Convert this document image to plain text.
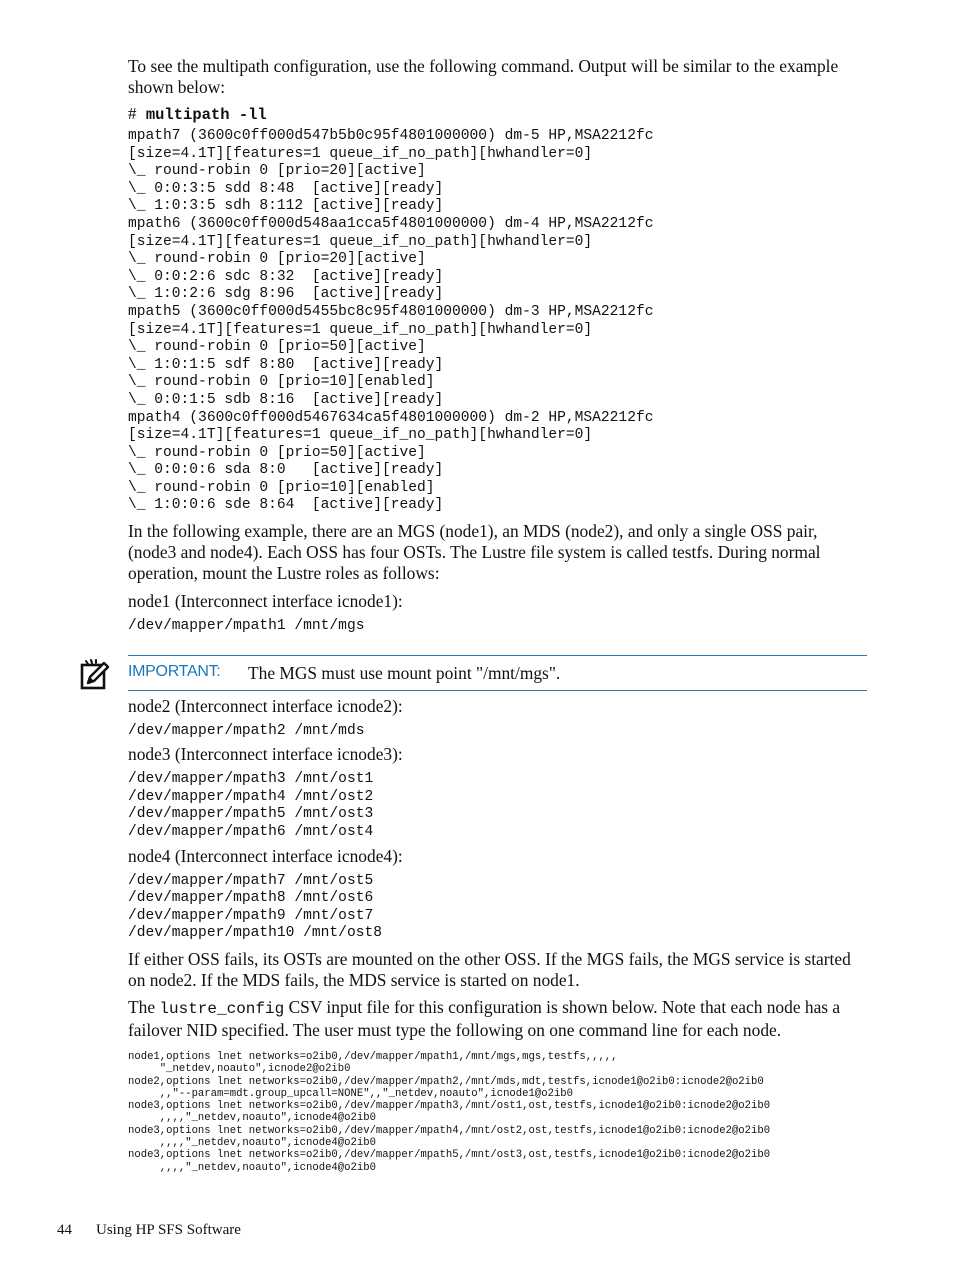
To see the multipath configuration, use the following command. Output will be similar to the example shown below:

# multipath -ll

mpath7 (3600c0ff000d547b5b0c95f4801000000) dm-5 HP,MSA2212fc
[size=4.1T][features=1 queue_if_no_path][hwhandler=0]
\_ round-robin 0 [prio=20][active]
\_ 0:0:3:5 sdd 8:48  [active][ready]
\_ 1:0:3:5 sdh 8:112 [active][ready]
mpath6 (3600c0ff000d548aa1cca5f4801000000) dm-4 HP,MSA2212fc
[size=4.1T][features=1 queue_if_no_path][hwhandler=0]
\_ round-robin 0 [prio=20][active]
\_ 0:0:2:6 sdc 8:32  [active][ready]
\_ 1:0:2:6 sdg 8:96  [active][ready]
mpath5 (3600c0ff000d5455bc8c95f4801000000) dm-3 HP,MSA2212fc
[size=4.1T][features=1 queue_if_no_path][hwhandler=0]
\_ round-robin 0 [prio=50][active]
\_ 1:0:1:5 sdf 8:80  [active][ready]
\_ round-robin 0 [prio=10][enabled]
\_ 0:0:1:5 sdb 8:16  [active][ready]
mpath4 (3600c0ff000d5467634ca5f4801000000) dm-2 HP,MSA2212fc
[size=4.1T][features=1 queue_if_no_path][hwhandler=0]
\_ round-robin 0 [prio=50][active]
\_ 0:0:0:6 sda 8:0   [active][ready]
\_ round-robin 0 [prio=10][enabled]
\_ 1:0:0:6 sde 8:64  [active][ready]

In the following example, there are an MGS (node1), an MDS (node2), and only a single OSS pair, (node3 and node4). Each OSS has four OSTs. The Lustre file system is called testfs. During normal operation, mount the Lustre roles as follows:

node1 (Interconnect interface icnode1):

/dev/mapper/mpath1 /mnt/mgs

node2 (Interconnect interface icnode2):

/dev/mapper/mpath2 /mnt/mds

node3 (Interconnect interface icnode3):

/dev/mapper/mpath3 /mnt/ost1
/dev/mapper/mpath4 /mnt/ost2
/dev/mapper/mpath5 /mnt/ost3
/dev/mapper/mpath6 /mnt/ost4

node4 (Interconnect interface icnode4):

/dev/mapper/mpath7 /mnt/ost5
/dev/mapper/mpath8 /mnt/ost6
/dev/mapper/mpath9 /mnt/ost7
/dev/mapper/mpath10 /mnt/ost8

If either OSS fails, its OSTs are mounted on the other OSS. If the MGS fails, the MGS service is started on node2. If the MDS fails, the MDS service is started on node1.

The lustre_config CSV input file for this configuration is shown below. Note that each node has a failover NID specified. The user must type the following on one command line for each node.

node1,options lnet networks=o2ib0,/dev/mapper/mpath1,/mnt/mgs,mgs,testfs,,,,,
"_netdev,noauto",icnode2@o2ib0
node2,options lnet networks=o2ib0,/dev/mapper/mpath2,/mnt/mds,mdt,testfs,icnode1@o2ib0:icnode2@o2ib0
,,"--param=mdt.group_upcall=NONE",,"_netdev,noauto",icnode1@o2ib0
node3,options lnet networks=o2ib0,/dev/mapper/mpath3,/mnt/ost1,ost,testfs,icnode1@o2ib0:icnode2@o2ib0
,,,,"_netdev,noauto",icnode4@o2ib0
node3,options lnet networks=o2ib0,/dev/mapper/mpath4,/mnt/ost2,ost,testfs,icnode1@o2ib0:icnode2@o2ib0
,,,,"_netdev,noauto",icnode4@o2ib0
node3,options lnet networks=o2ib0,/dev/mapper/mpath5,/mnt/ost3,ost,testfs,icnode1@o2ib0:icnode2@o2ib0
,,,,"_netdev,noauto",icnode4@o2ib0
IMPORTANT: The MGS must use mount point "/mnt/mgs".
44 Using HP SFS Software
